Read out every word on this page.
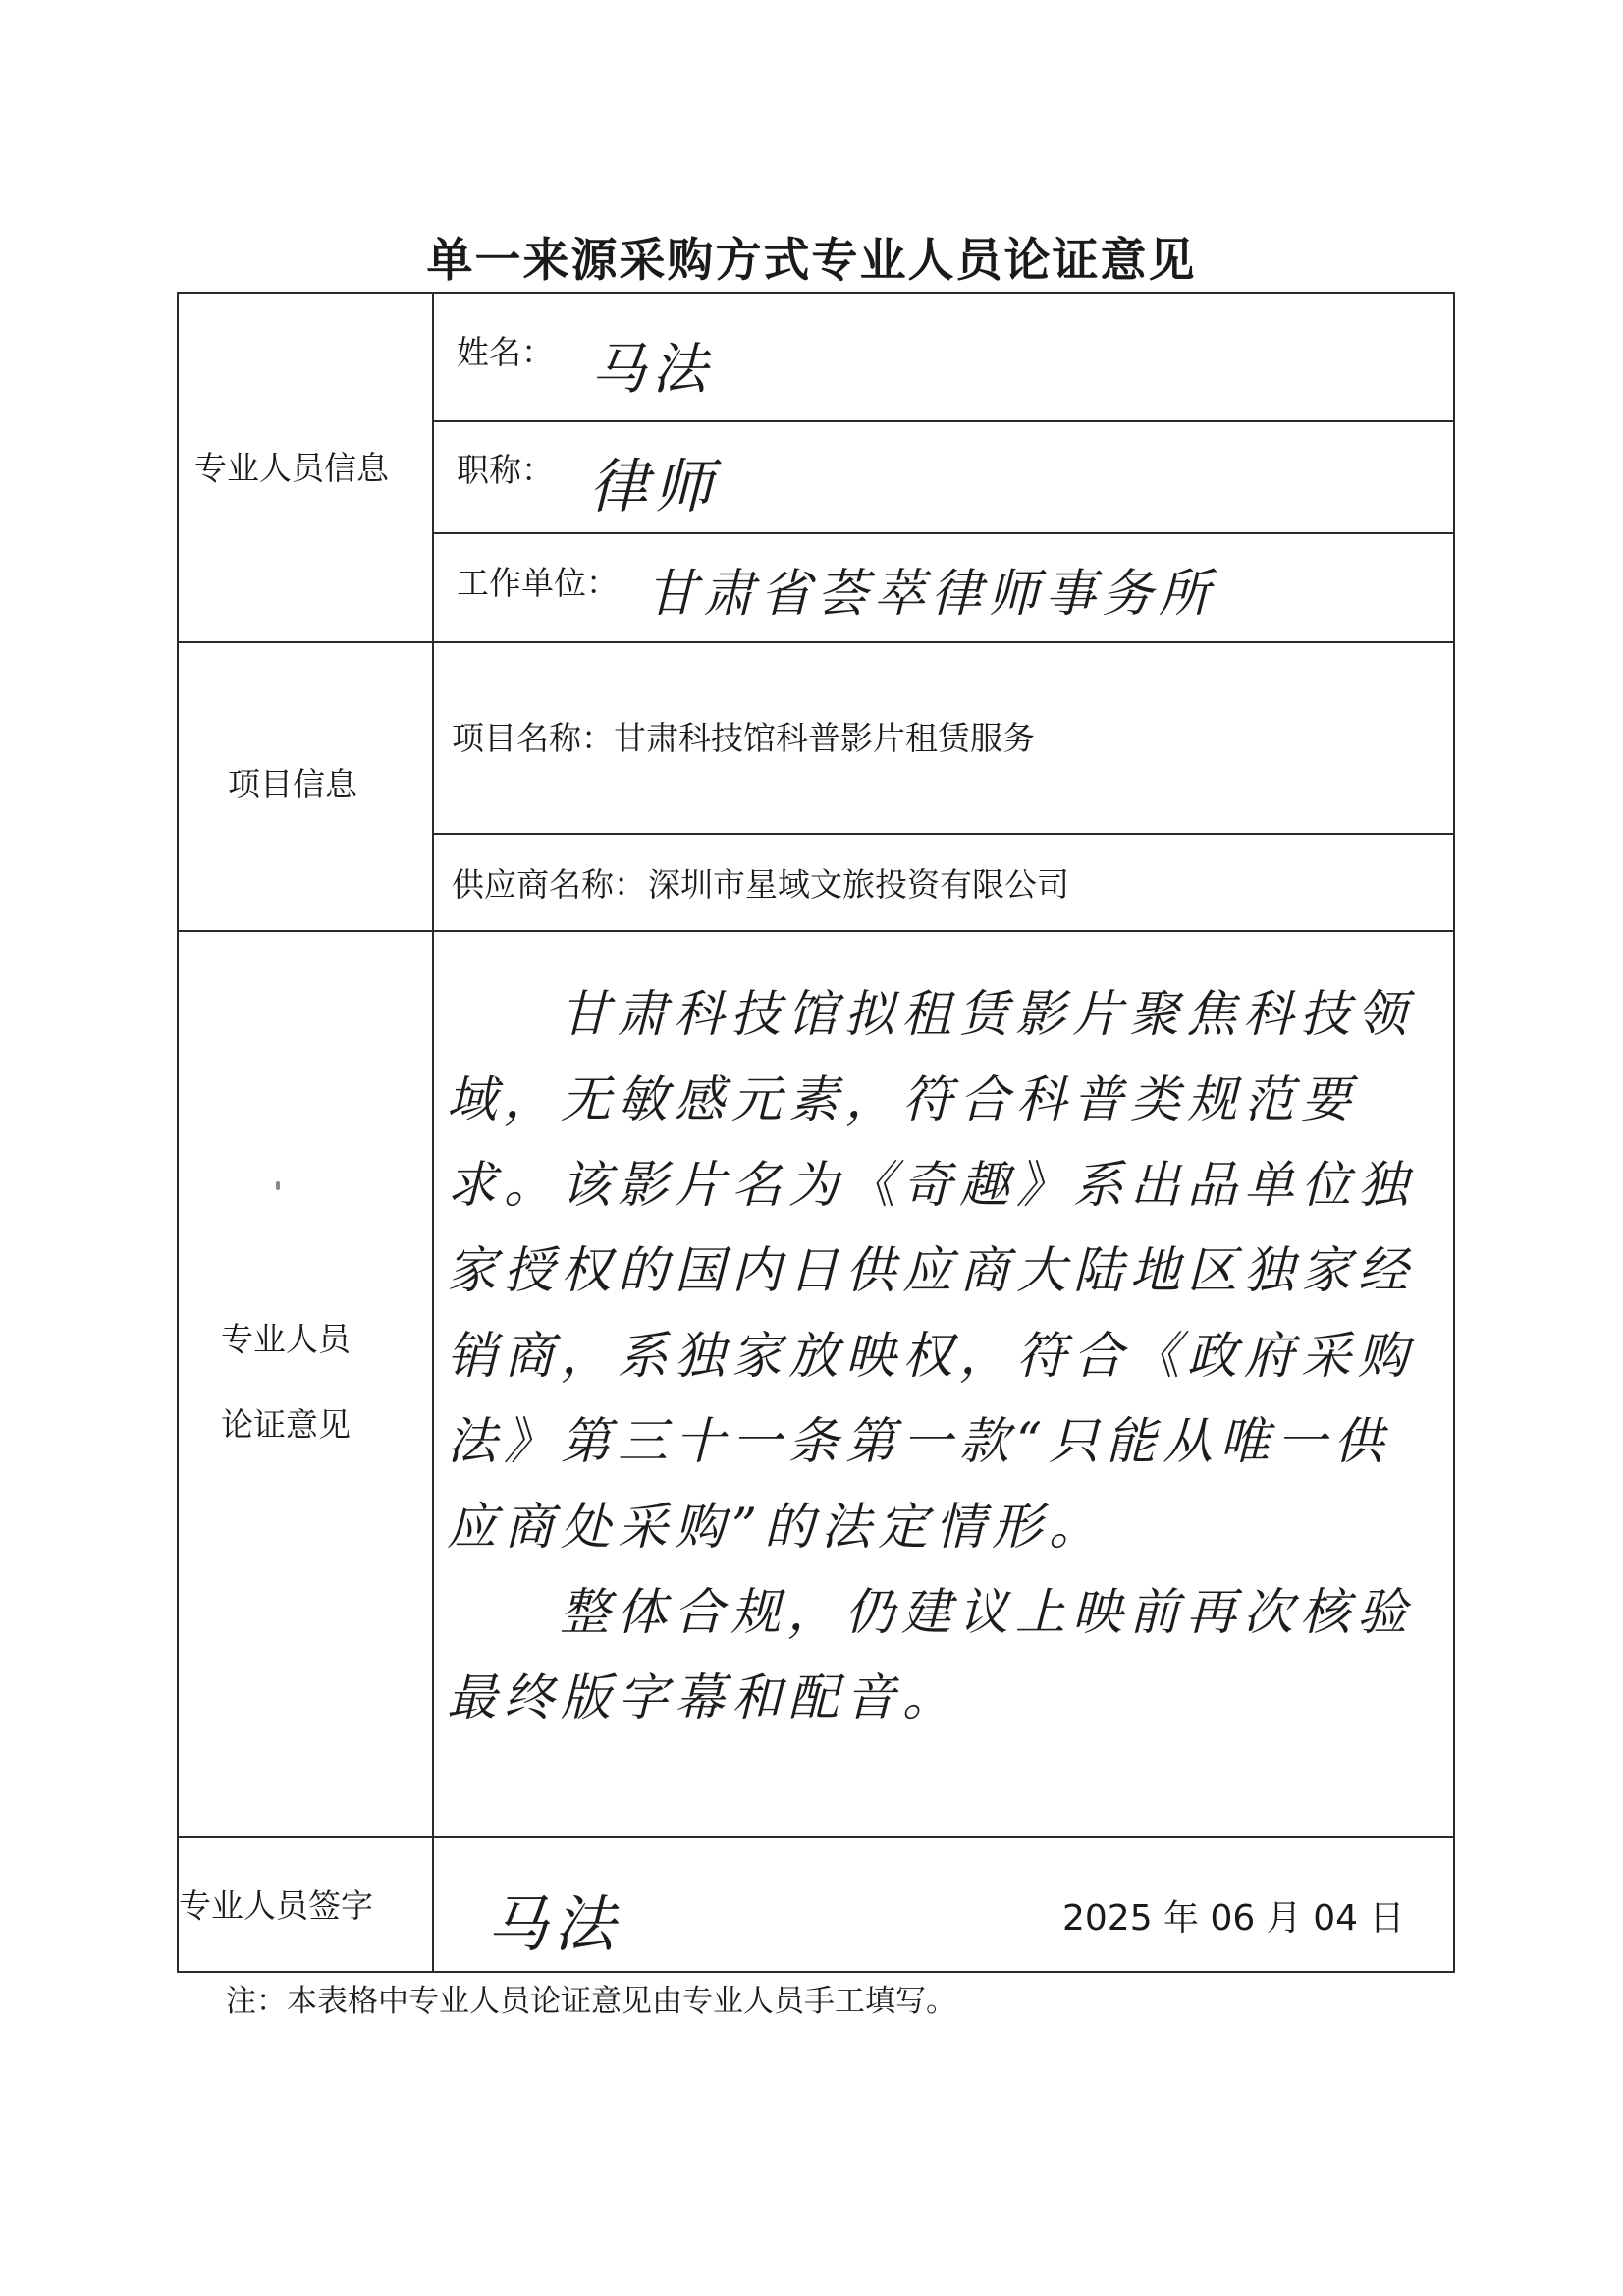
单一来源采购方式专业人员论证意见
专业人员信息
姓名： 马法
职称： 律师
工作单位： 甘肃省荟萃律师事务所
项目信息
项目名称： 甘肃科技馆科普影片租赁服务
供应商名称： 深圳市星域文旅投资有限公司
专业人员
论证意见

甘肃科技馆拟租赁影片聚焦科技领域，无敏感元素，符合科普类规范要求。该影片名为《奇趣》系出品单位独家授权的国内日供应商大陆地区独家经销商，系独家放映权，符合《政府采购法》第三十一条第一款“只能从唯一供应商处采购”的法定情形。

整体合规，仍建议上映前再次核验最终版字幕和配音。

专业人员签字 马法	2025 年 06 月 04 日
注：本表格中专业人员论证意见由专业人员手工填写。
